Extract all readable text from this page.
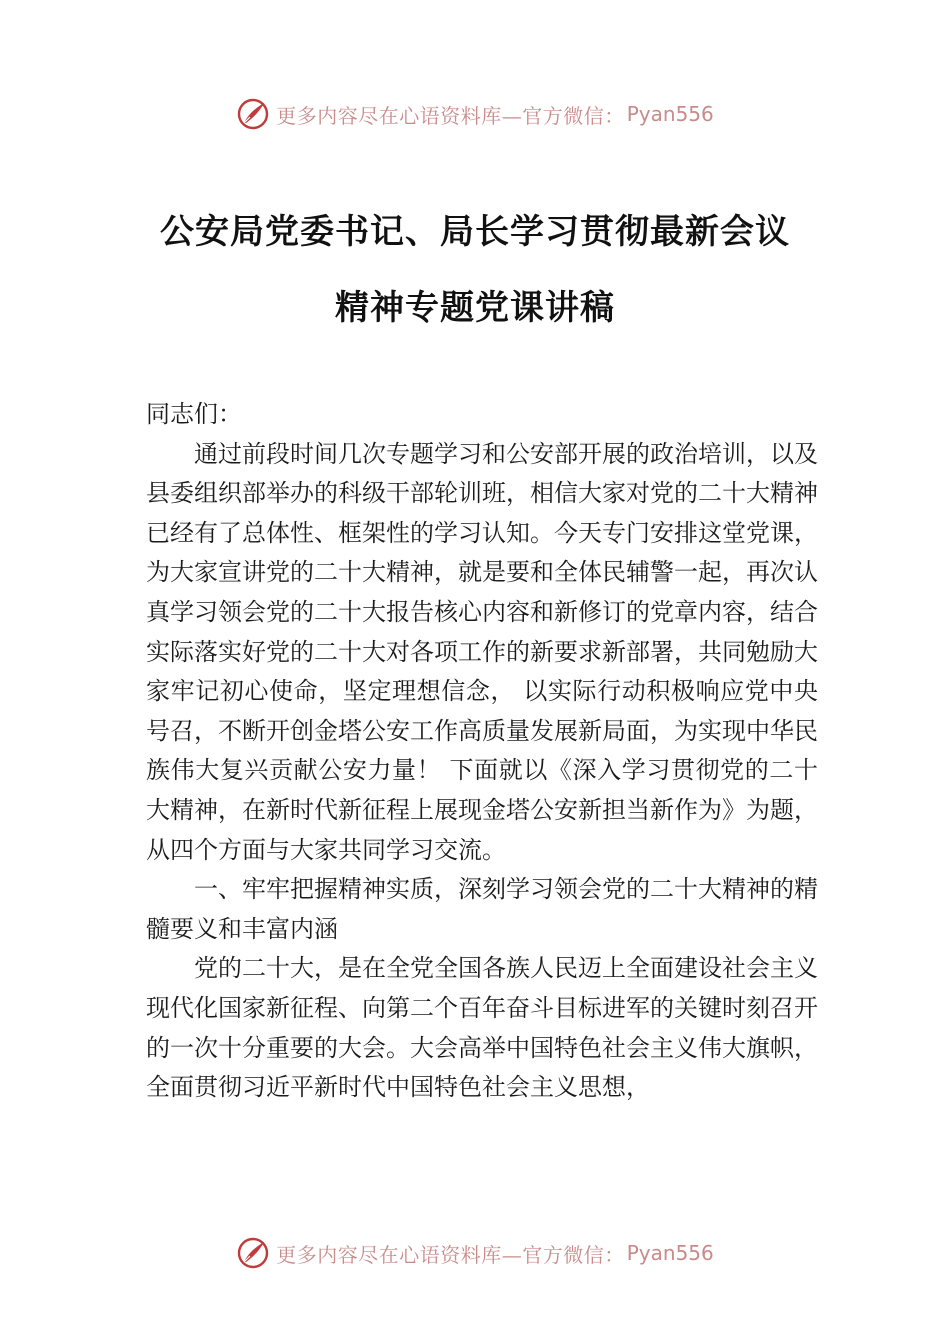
更多内容尽在心语资料库—官方微信： Pyan556
公安局党委书记、局长学习贯彻最新会议
精神专题党课讲稿

同志们：

通过前段时间几次专题学习和公安部开展的政治培训，以及县委组织部举办的科级干部轮训班，相信大家对党的二十大精神已经有了总体性、框架性的学习认知。今天专门安排这堂党课，为大家宣讲党的二十大精神，就是要和全体民辅警一起，再次认真学习领会党的二十大报告核心内容和新修订的党章内容，结合实际落实好党的二十大对各项工作的新要求新部署，共同勉励大家牢记初心使命，坚定理想信念， 以实际行动积极响应党中央号召，不断开创金塔公安工作高质量发展新局面，为实现中华民族伟大复兴贡献公安力量！ 下面就以《深入学习贯彻党的二十大精神，在新时代新征程上展现金塔公安新担当新作为》为题，从四个方面与大家共同学习交流。

一、牢牢把握精神实质，深刻学习领会党的二十大精神的精髓要义和丰富内涵

党的二十大，是在全党全国各族人民迈上全面建设社会主义现代化国家新征程、向第二个百年奋斗目标进军的关键时刻召开的一次十分重要的大会。大会高举中国特色社会主义伟大旗帜，全面贯彻习近平新时代中国特色社会主义思想，

更多内容尽在心语资料库—官方微信： Pyan556
